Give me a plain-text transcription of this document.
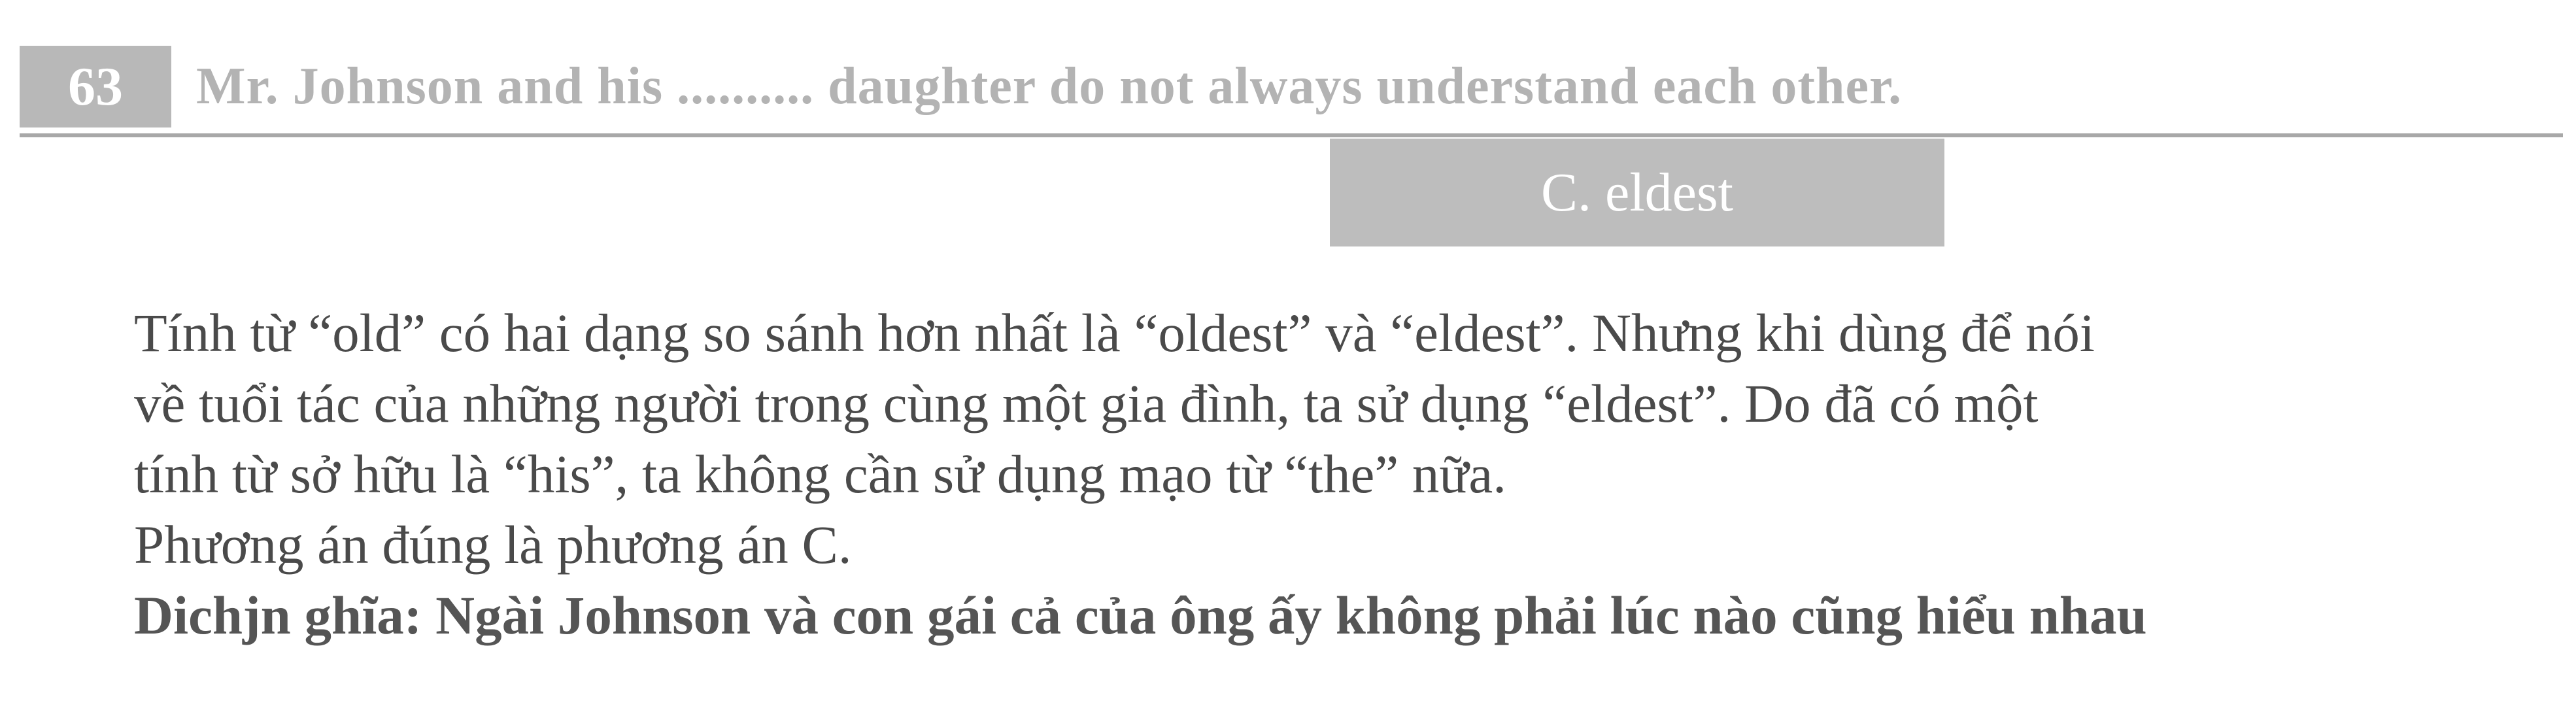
63	Mr. Johnson and his .......... daughter do not always understand each other.
C. eldest
Tính từ “old” có hai dạng so sánh hơn nhất là “oldest” và “eldest”. Nhưng khi dùng để nói
về tuổi tác của những người trong cùng một gia đình, ta sử dụng “eldest”. Do đã có một
tính từ sở hữu là “his”, ta không cần sử dụng mạo từ “the” nữa.
Phương án đúng là phương án C.
Dichjn ghĩa: Ngài Johnson và con gái cả của ông ấy không phải lúc nào cũng hiểu nhau
